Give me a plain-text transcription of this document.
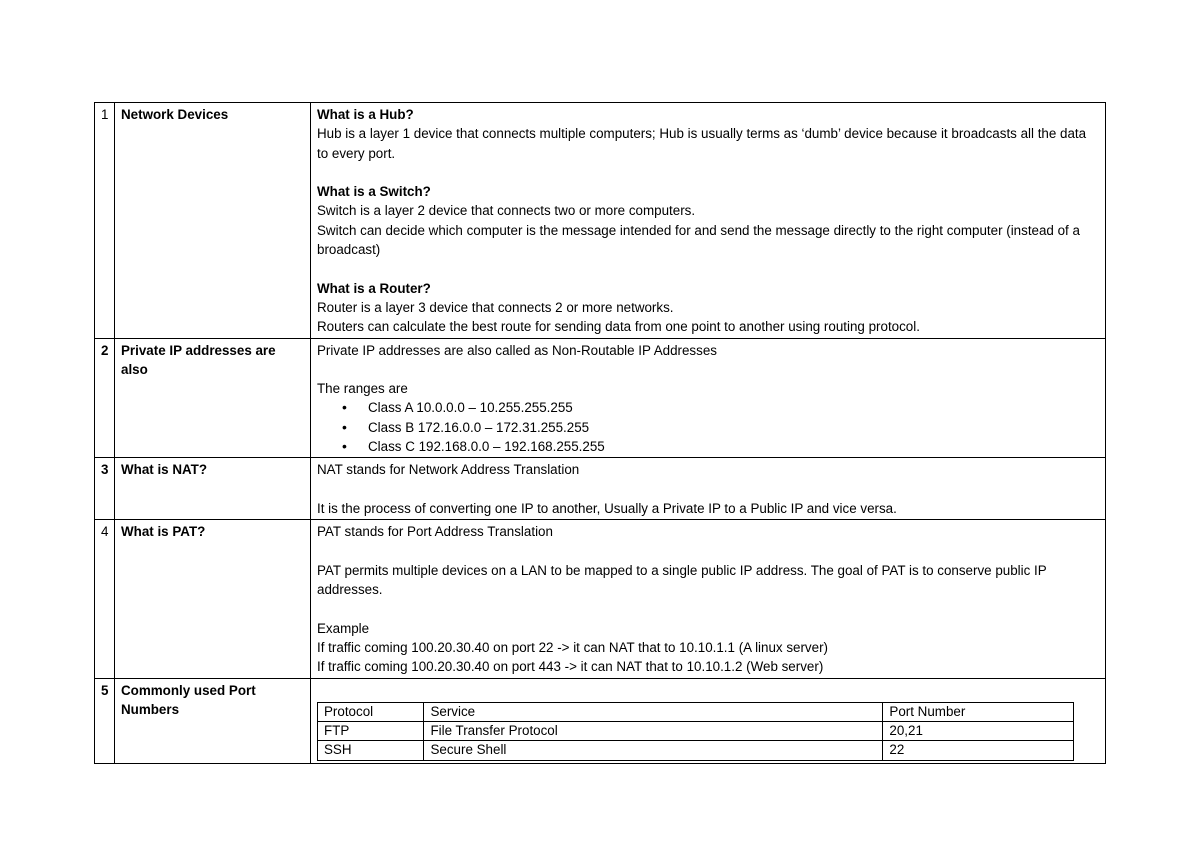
1	Network Devices	What is a Hub?
Hub is a layer 1 device that connects multiple computers; Hub is usually terms as ‘dumb’ device because it broadcasts all the data to every port.
What is a Switch?
Switch is a layer 2 device that connects two or more computers.
Switch can decide which computer is the message intended for and send the message directly to the right computer (instead of a broadcast)
What is a Router?
Router is a layer 3 device that connects 2 or more networks.
Routers can calculate the best route for sending data from one point to another using routing protocol.

2	Private IP addresses are also	
Private IP addresses are also called as Non-Routable IP Addresses
The ranges are
• Class A 10.0.0.0 – 10.255.255.255
• Class B 172.16.0.0 – 172.31.255.255
• Class C 192.168.0.0 – 192.168.255.255

3	What is NAT?	NAT stands for Network Address Translation
It is the process of converting one IP to another, Usually a Private IP to a Public IP and vice versa.

4	What is PAT?	PAT stands for Port Address Translation
PAT permits multiple devices on a LAN to be mapped to a single public IP address. The goal of PAT is to conserve public IP addresses.
Example
If traffic coming 100.20.30.40 on port 22 -> it can NAT that to 10.10.1.1 (A linux server)
If traffic coming 100.20.30.40 on port 443 -> it can NAT that to 10.10.1.2 (Web server)

5	Commonly used Port Numbers		Protocol	Service	Port Number
FTP	File Transfer Protocol	20,21
SSH	Secure Shell	22
